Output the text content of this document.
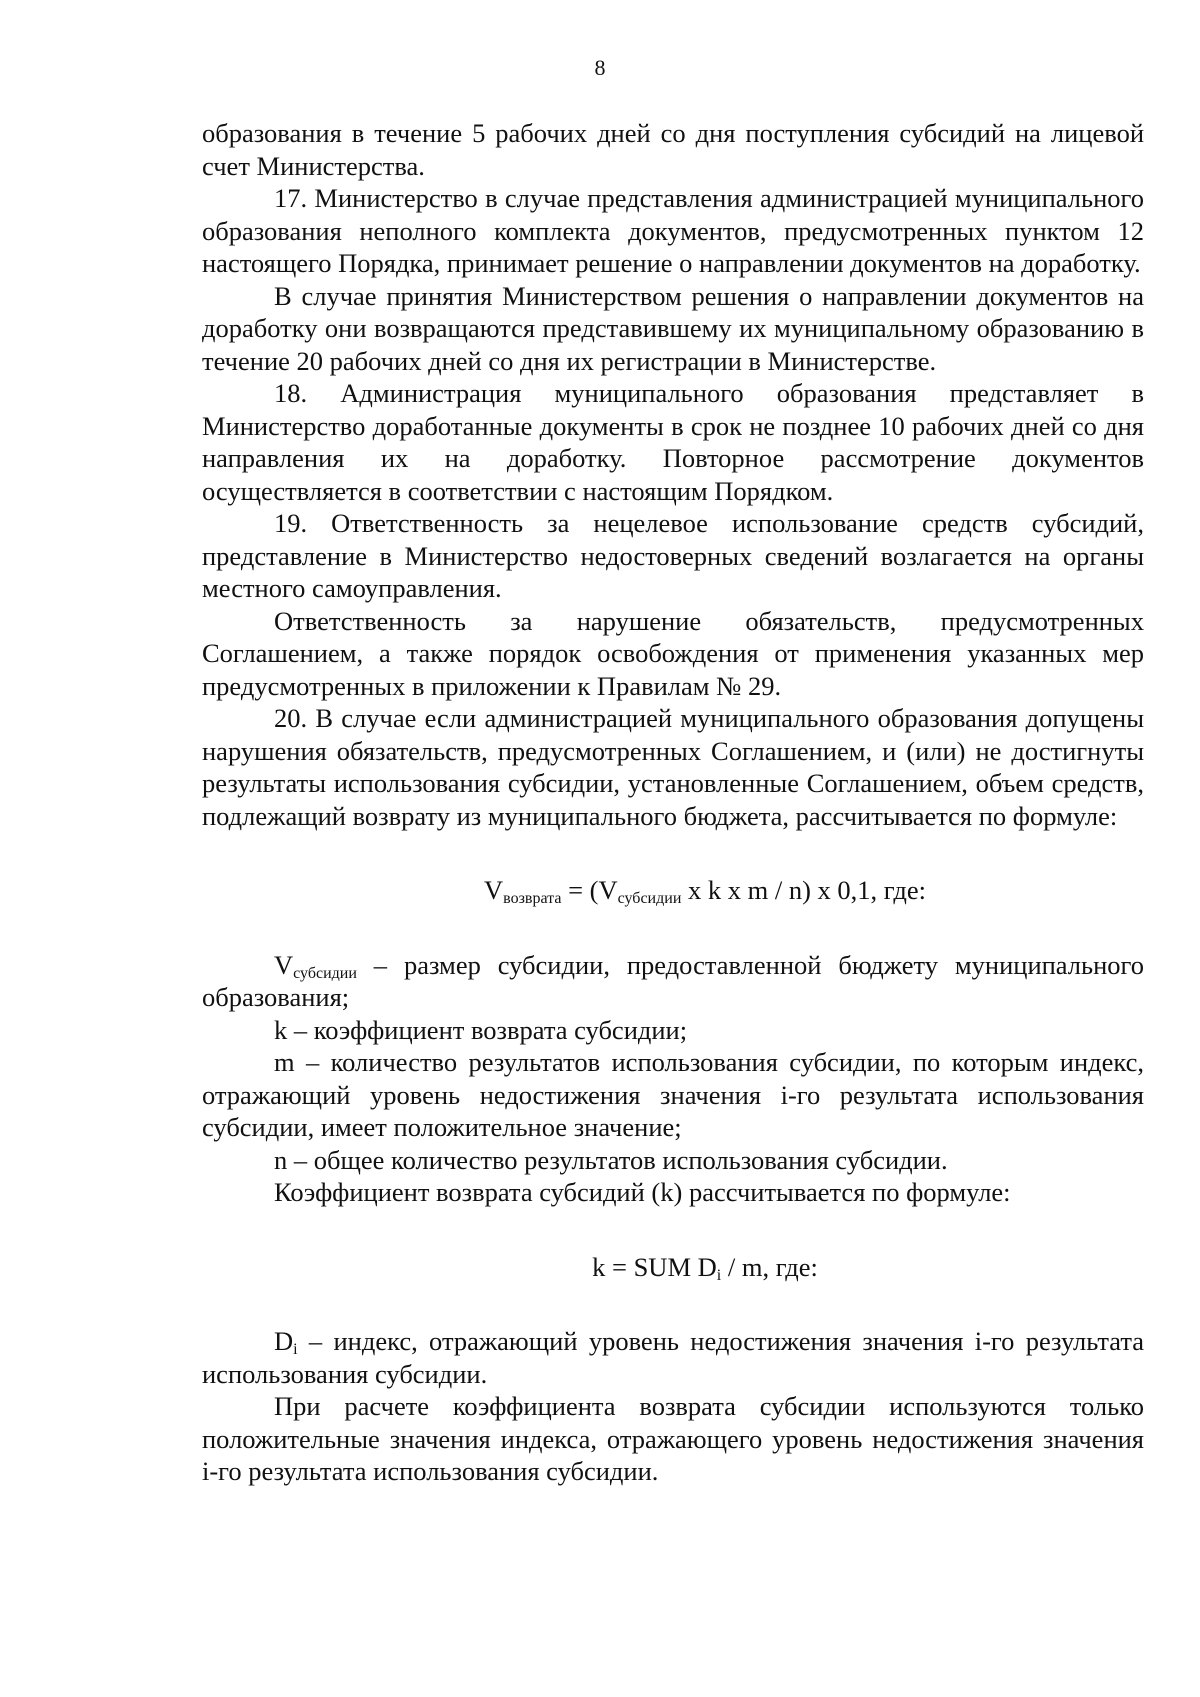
8

образования в течение 5 рабочих дней со дня поступления субсидий на лицевой счет Министерства.

17. Министерство в случае представления администрацией муниципального образования неполного комплекта документов, предусмотренных пунктом 12 настоящего Порядка, принимает решение о направлении документов на доработку.

В случае принятия Министерством решения о направлении документов на доработку они возвращаются представившему их муниципальному образованию в течение 20 рабочих дней со дня их регистрации в Министерстве.

18. Администрация муниципального образования представляет в Министерство доработанные документы в срок не позднее 10 рабочих дней со дня направления их на доработку. Повторное рассмотрение документов осуществляется в соответствии с настоящим Порядком.

19. Ответственность за нецелевое использование средств субсидий, представление в Министерство недостоверных сведений возлагается на органы местного самоуправления.

Ответственность за нарушение обязательств, предусмотренных Соглашением, а также порядок освобождения от применения указанных мер предусмотренных в приложении к Правилам № 29.

20. В случае если администрацией муниципального образования допущены нарушения обязательств, предусмотренных Соглашением, и (или) не достигнуты результаты использования субсидии, установленные Соглашением, объем средств, подлежащий возврату из муниципального бюджета, рассчитывается по формуле:

$V_{возврата} = (V_{субсидии}$ x k x m / n) x 0,1, где:

$V_{субсидии}$ – размер субсидии, предоставленной бюджету муниципального образования;

k – коэффициент возврата субсидии;

m – количество результатов использования субсидии, по которым индекс, отражающий уровень недостижения значения i-го результата использования субсидии, имеет положительное значение;

n – общее количество результатов использования субсидии.

Коэффициент возврата субсидий (k) рассчитывается по формуле:

k = SUM $D_i$ / m, где:

$D_i$ – индекс, отражающий уровень недостижения значения i-го результата использования субсидии.

При расчете коэффициента возврата субсидии используются только положительные значения индекса, отражающего уровень недостижения значения i-го результата использования субсидии.
